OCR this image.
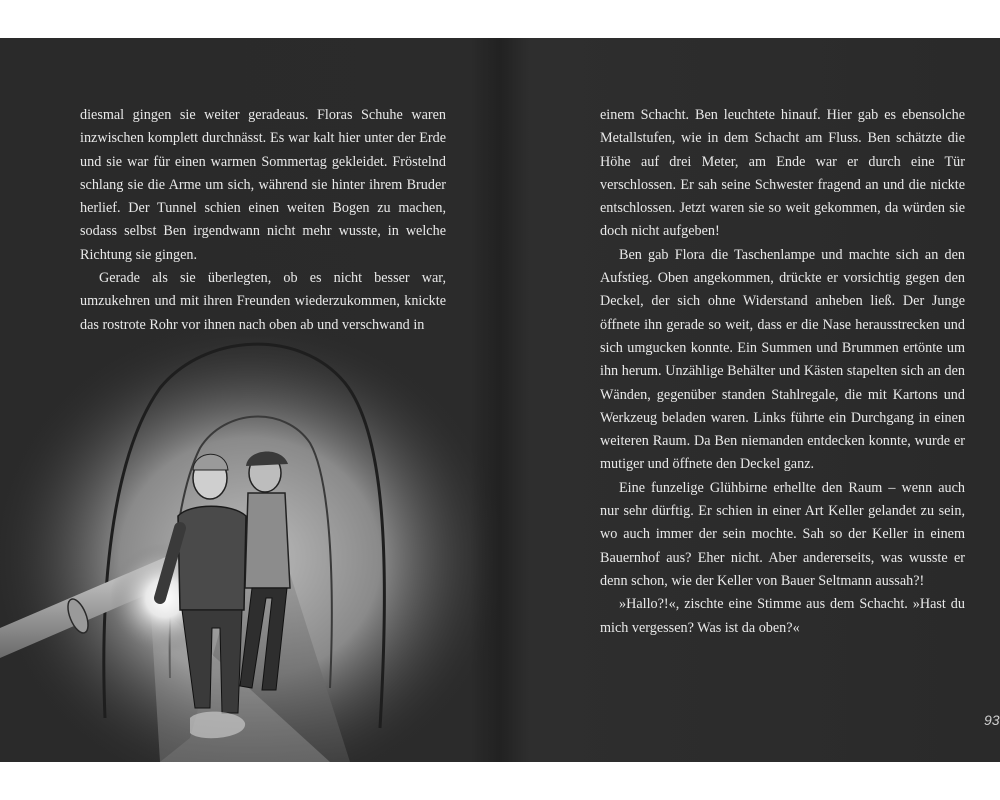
diesmal gingen sie weiter geradeaus. Floras Schuhe waren inzwischen komplett durchnässt. Es war kalt hier unter der Erde und sie war für einen warmen Sommertag gekleidet. Fröstelnd schlang sie die Arme um sich, während sie hinter ihrem Bruder herlief. Der Tunnel schien einen weiten Bogen zu machen, sodass selbst Ben irgendwann nicht mehr wusste, in welche Richtung sie gingen.

Gerade als sie überlegten, ob es nicht besser war, umzukehren und mit ihren Freunden wiederzukommen, knickte das rostrote Rohr vor ihnen nach oben ab und verschwand in

einem Schacht. Ben leuchtete hinauf. Hier gab es ebensolche Metallstufen, wie in dem Schacht am Fluss. Ben schätzte die Höhe auf drei Meter, am Ende war er durch eine Tür verschlossen. Er sah seine Schwester fragend an und die nickte entschlossen. Jetzt waren sie so weit gekommen, da würden sie doch nicht aufgeben!

Ben gab Flora die Taschenlampe und machte sich an den Aufstieg. Oben angekommen, drückte er vorsichtig gegen den Deckel, der sich ohne Widerstand anheben ließ. Der Junge öffnete ihn gerade so weit, dass er die Nase herausstrecken und sich umgucken konnte. Ein Summen und Brummen ertönte um ihn herum. Unzählige Behälter und Kästen stapelten sich an den Wänden, gegenüber standen Stahlregale, die mit Kartons und Werkzeug beladen waren. Links führte ein Durchgang in einen weiteren Raum. Da Ben niemanden entdecken konnte, wurde er mutiger und öffnete den Deckel ganz.

Eine funzelige Glühbirne erhellte den Raum – wenn auch nur sehr dürftig. Er schien in einer Art Keller gelandet zu sein, wo auch immer der sein mochte. Sah so der Keller in einem Bauernhof aus? Eher nicht. Aber andererseits, was wusste er denn schon, wie der Keller von Bauer Seltmann aussah?!

»Hallo?!«, zischte eine Stimme aus dem Schacht. »Hast du mich vergessen? Was ist da oben?«

93
